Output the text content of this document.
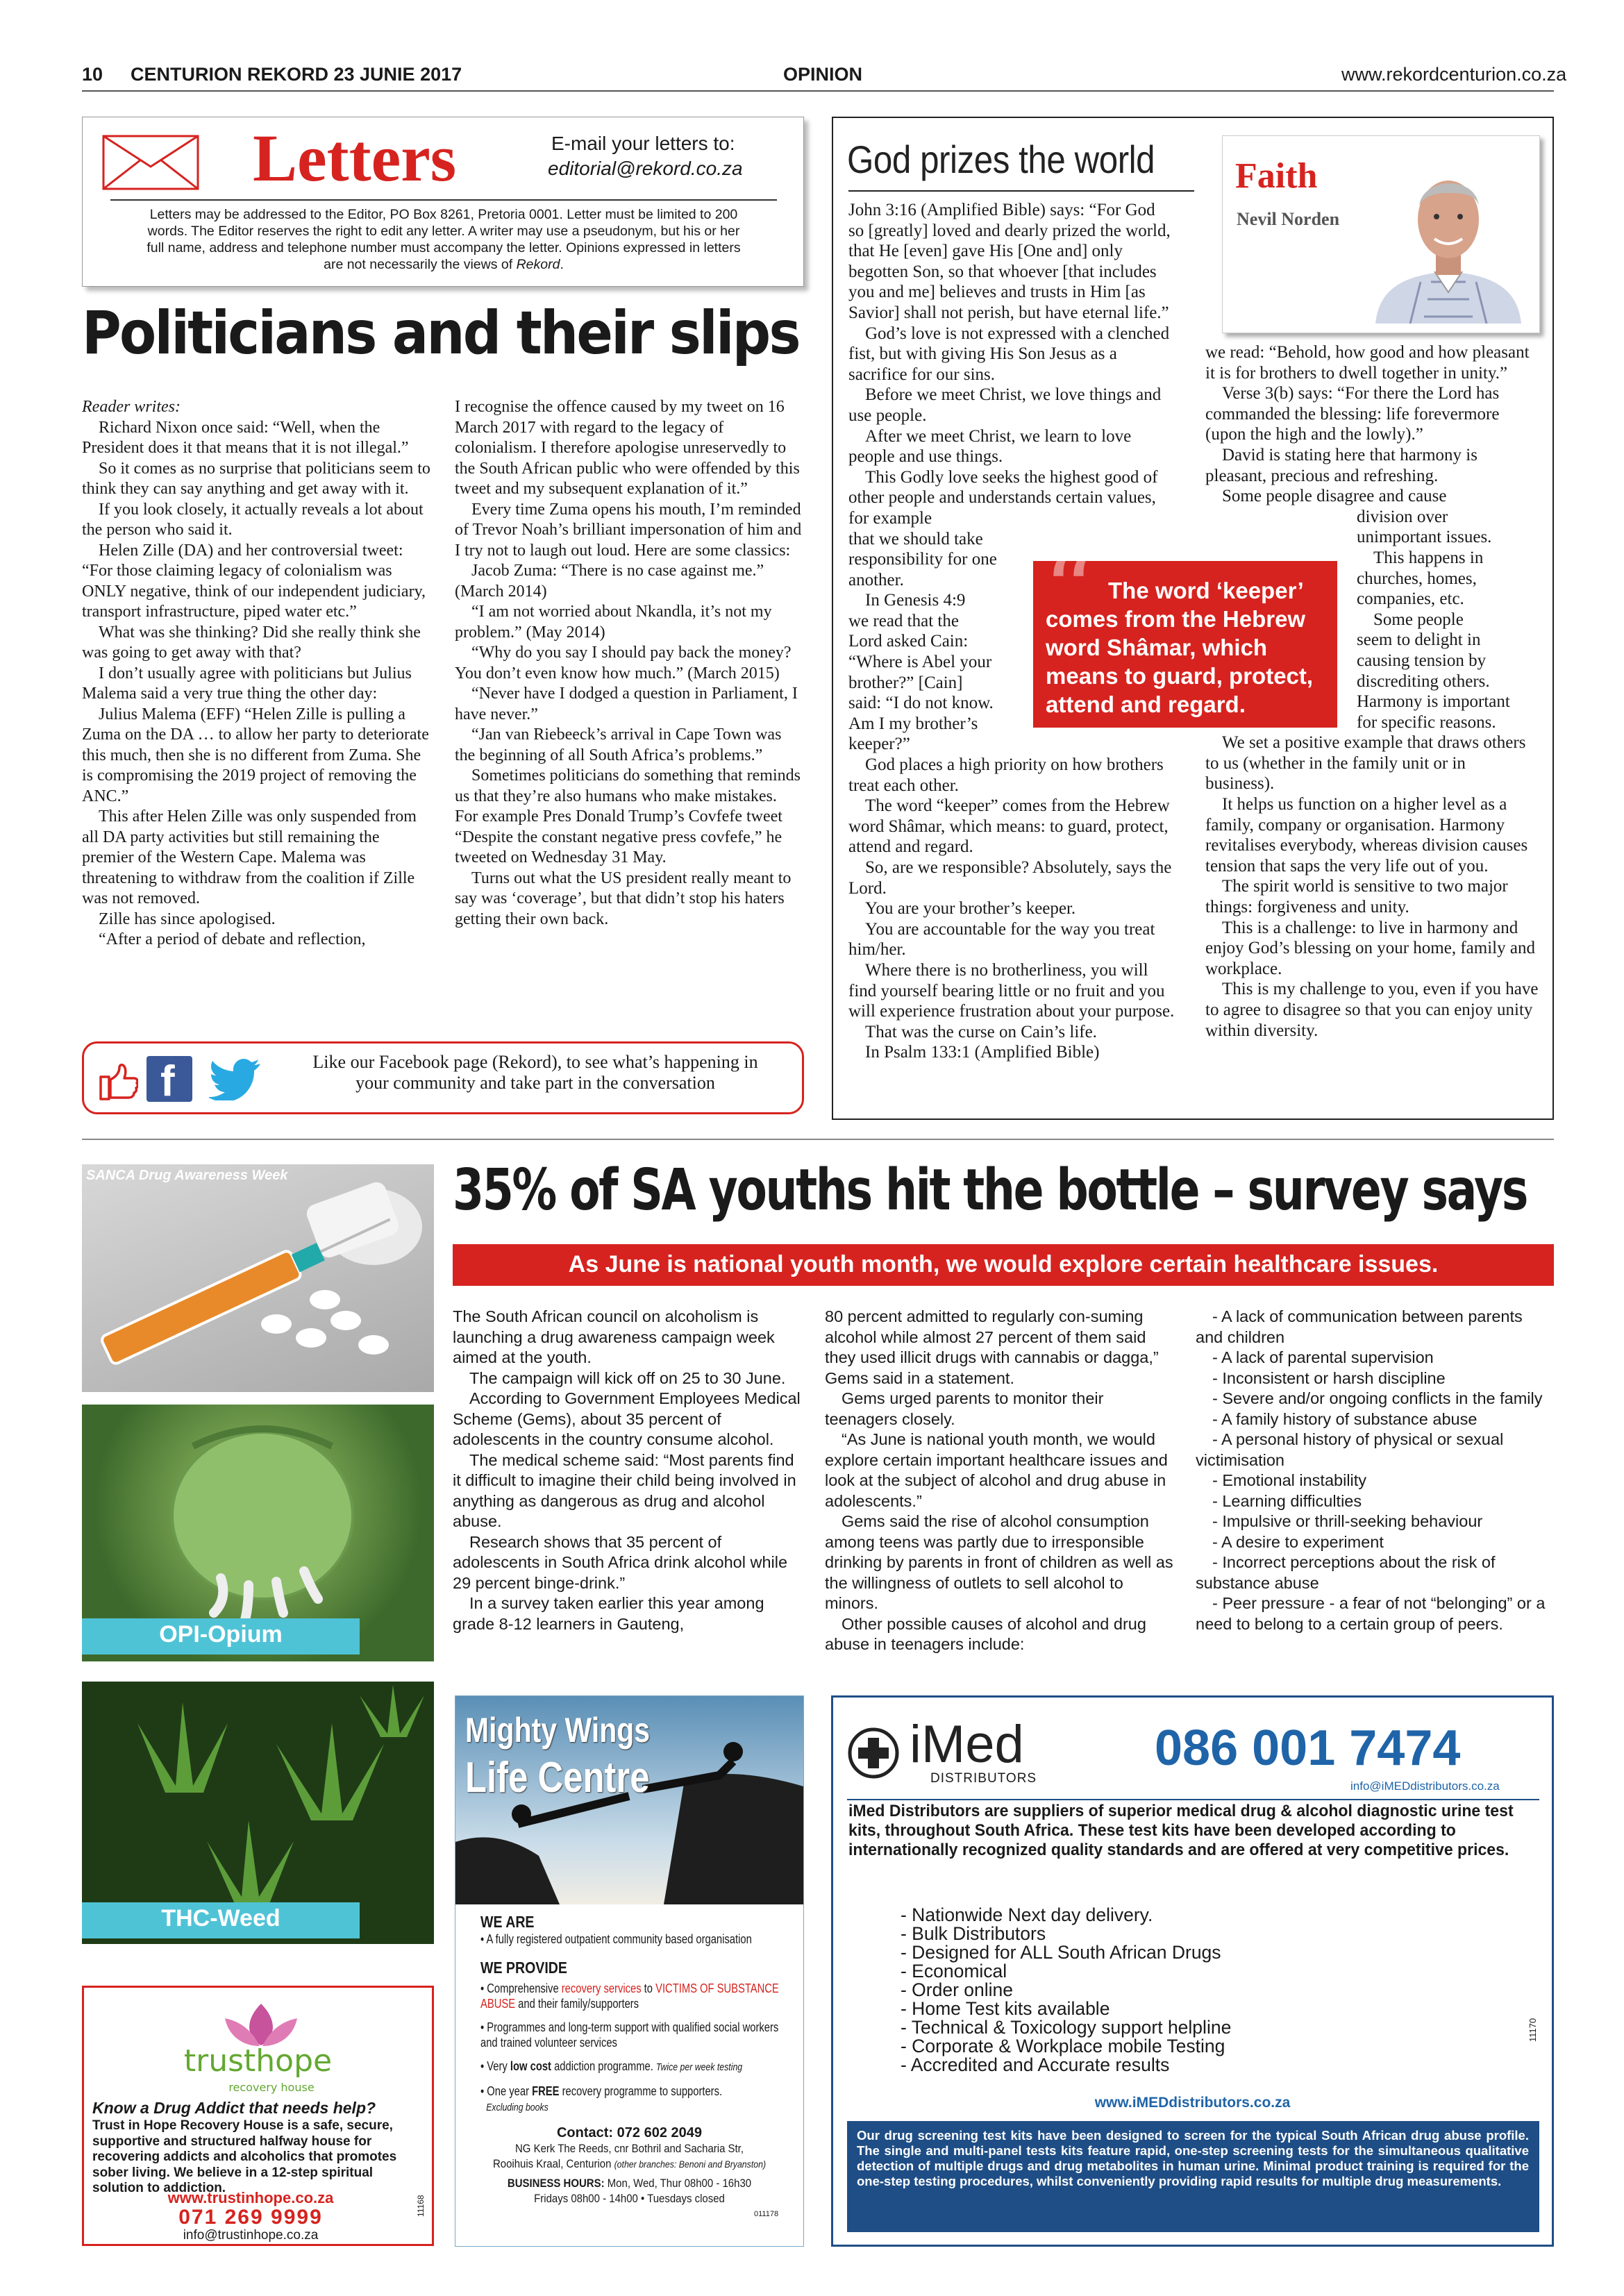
10 CENTURION REKORD 23 JUNIE 2017	OPINION	www.rekordcenturion.co.za
Letters	E-mail your letters to:
editorial@rekord.co.za
Letters may be addressed to the Editor, PO Box 8261, Pretoria 0001. Letter must be limited to 200
words. The Editor reserves the right to edit any letter. A writer may use a pseudonym, but his or her
full name, address and telephone number must accompany the letter. Opinions expressed in letters
are not necessarily the views of Rekord.
Politicians and their slips

Reader writes:

Richard Nixon once said: “Well, when the President does it that means that it is not illegal.”

So it comes as no surprise that politicians seem to think they can say anything and get away with it.

If you look closely, it actually reveals a lot about the person who said it.

Helen Zille (DA) and her controversial tweet: “For those claiming legacy of colonialism was ONLY negative, think of our independent judiciary, transport infrastructure, piped water etc.”

What was she thinking? Did she really think she was going to get away with that?

I don’t usually agree with politicians but Julius Malema said a very true thing the other day:

Julius Malema (EFF) “Helen Zille is pulling a Zuma on the DA … to allow her party to deteriorate this much, then she is no different from Zuma. She is compromising the 2019 project of removing the ANC.”

This after Helen Zille was only suspended from all DA party activities but still remaining the premier of the Western Cape. Malema was threatening to withdraw from the coalition if Zille was not removed.

Zille has since apologised.

“After a period of debate and reflection,

I recognise the offence caused by my tweet on 16 March 2017 with regard to the legacy of colonialism. I therefore apologise unreservedly to the South African public who were offended by this tweet and my subsequent explanation of it.”

Every time Zuma opens his mouth, I’m reminded of Trevor Noah’s brilliant impersonation of him and I try not to laugh out loud. Here are some classics:

Jacob Zuma: “There is no case against me.” (March 2014)

“I am not worried about Nkandla, it’s not my problem.” (May 2014)

“Why do you say I should pay back the money? You don’t even know how much.” (March 2015)

“Never have I dodged a question in Parliament, I have never.”

“Jan van Riebeeck’s arrival in Cape Town was the beginning of all South Africa’s problems.”

Sometimes politicians do something that reminds us that they’re also humans who make mistakes. For example Pres Donald Trump’s Covfefe tweet “Despite the constant negative press covfefe,” he tweeted on Wednesday 31 May.

Turns out what the US president really meant to say was ‘coverage’, but that didn’t stop his haters getting their own back.

f	Like our Facebook page (Rekord), to see what’s happening in
your community and take part in the conversation
God prizes the world Faith
Nevil Norden

John 3:16 (Amplified Bible) says: “For God so [greatly] loved and dearly prized the world, that He [even] gave His [One and] only begotten Son, so that whoever [that includes you and me] believes and trusts in Him [as Savior] shall not perish, but have eternal life.”

God’s love is not expressed with a clenched fist, but with giving His Son Jesus as a sacrifice for our sins.

Before we meet Christ, we love things and use people.

After we meet Christ, we learn to love people and use things.

This Godly love seeks the highest good of other people and understands certain values, for example

that we should take

responsibility for one

another.

In Genesis 4:9

we read that the

Lord asked Cain:

“Where is Abel your

brother?” [Cain]

said: “I do not know.

Am I my brother’s

keeper?”

God places a high priority on how brothers treat each other.

The word “keeper” comes from the Hebrew word Shâmar, which means: to guard, protect, attend and regard.

So, are we responsible? Absolutely, says the Lord.

You are your brother’s keeper.

You are accountable for the way you treat him/her.

Where there is no brotherliness, you will find yourself bearing little or no fruit and you will experience frustration about your purpose.

That was the curse on Cain’s life.

In Psalm 133:1 (Amplified Bible)

we read: “Behold, how good and how pleasant it is for brothers to dwell together in unity.”

Verse 3(b) says: “For there the Lord has commanded the blessing: life forevermore (upon the high and the lowly).”

David is stating here that harmony is pleasant, precious and refreshing.

Some people disagree and cause

division over

unimportant issues.

This happens in

churches, homes,

companies, etc.

Some people

seem to delight in

causing tension by

discrediting others.

Harmony is important

for specific reasons.

We set a positive example that draws others to us (whether in the family unit or in business).

It helps us function on a higher level as a family, company or organisation. Harmony revitalises everybody, whereas division causes tension that saps the very life out of you.

The spirit world is sensitive to two major things: forgiveness and unity.

This is a challenge: to live in harmony and enjoy God’s blessing on your home, family and workplace.

This is my challenge to you, even if you have to agree to disagree so that you can enjoy unity within diversity.

“ The word ‘keeper’ comes from the Hebrew word Shâmar, which means to guard, protect, attend and regard.
SANCA Drug Awareness Week
OPI-Opium
THC-Weed
trusthope
recovery house
Know a Drug Addict that needs help?
Trust in Hope Recovery House is a safe, secure, supportive and structured halfway house for recovering addicts and alcoholics that promotes sober living. We believe in a 12-step spiritual solution to addiction.
www.trustinhope.co.za
071 269 9999
info@trustinhope.co.za
11168
35% of SA youths hit the bottle – survey says
As June is national youth month, we would explore certain healthcare issues.

The South African council on alcoholism is launching a drug awareness campaign week aimed at the youth.

The campaign will kick off on 25 to 30 June.

According to Government Employees Medical Scheme (Gems), about 35 percent of adolescents in the country consume alcohol.

The medical scheme said: “Most parents find it difficult to imagine their child being involved in anything as dangerous as drug and alcohol abuse.

Research shows that 35 percent of adolescents in South Africa drink alcohol while 29 percent binge-drink.”

In a survey taken earlier this year among grade 8-12 learners in Gauteng,

80 percent admitted to regularly con-suming alcohol while almost 27 percent of them said they used illicit drugs with cannabis or dagga,” Gems said in a statement.

Gems urged parents to monitor their teenagers closely.

“As June is national youth month, we would explore certain important healthcare issues and look at the subject of alcohol and drug abuse in adolescents.”

Gems said the rise of alcohol consumption among teens was partly due to irresponsible drinking by parents in front of children as well as the willingness of outlets to sell alcohol to minors.

Other possible causes of alcohol and drug abuse in teenagers include:

- A lack of communication between parents and children

- A lack of parental supervision

- Inconsistent or harsh discipline

- Severe and/or ongoing conflicts in the family

- A family history of substance abuse

- A personal history of physical or sexual victimisation

- Emotional instability

- Learning difficulties

- Impulsive or thrill-seeking behaviour

- A desire to experiment

- Incorrect perceptions about the risk of substance abuse

- Peer pressure - a fear of not “belonging” or a need to belong to a certain group of peers.

Mighty Wings
Life Centre
WE ARE
• A fully registered outpatient community based organisation
WE PROVIDE
• Comprehensive recovery services to VICTIMS OF SUBSTANCE ABUSE and their family/supporters
• Programmes and long-term support with qualified social workers and trained volunteer services
• Very low cost addiction programme. Twice per week testing
• One year FREE recovery programme to supporters.
Excluding books
Contact: 072 602 2049
NG Kerk The Reeds, cnr Bothril and Sacharia Str,
Rooihuis Kraal, Centurion (other branches: Benoni and Bryanston)
BUSINESS HOURS: Mon, Wed, Thur 08h00 - 16h30
Fridays 08h00 - 14h00 • Tuesdays closed
011178
iMed
DISTRIBUTORS
086 001 7474
info@iMEDdistributors.co.za
iMed Distributors are suppliers of superior medical drug & alcohol diagnostic urine test kits, throughout South Africa. These test kits have been developed according to internationally recognized quality standards and are offered at very competitive prices.
- Nationwide Next day delivery.
- Bulk Distributors
- Designed for ALL South African Drugs
- Economical
- Order online
- Home Test kits available
- Technical & Toxicology support helpline
- Corporate & Workplace mobile Testing
- Accredited and Accurate results
11170
www.iMEDdistributors.co.za
Our drug screening test kits have been designed to screen for the typical South African drug abuse profile. The single and multi-panel tests kits feature rapid, one-step screening tests for the simultaneous qualitative detection of multiple drugs and drug metabolites in human urine. Minimal product training is required for the one-step testing procedures, whilst conveniently providing rapid results for multiple drug measurements.
